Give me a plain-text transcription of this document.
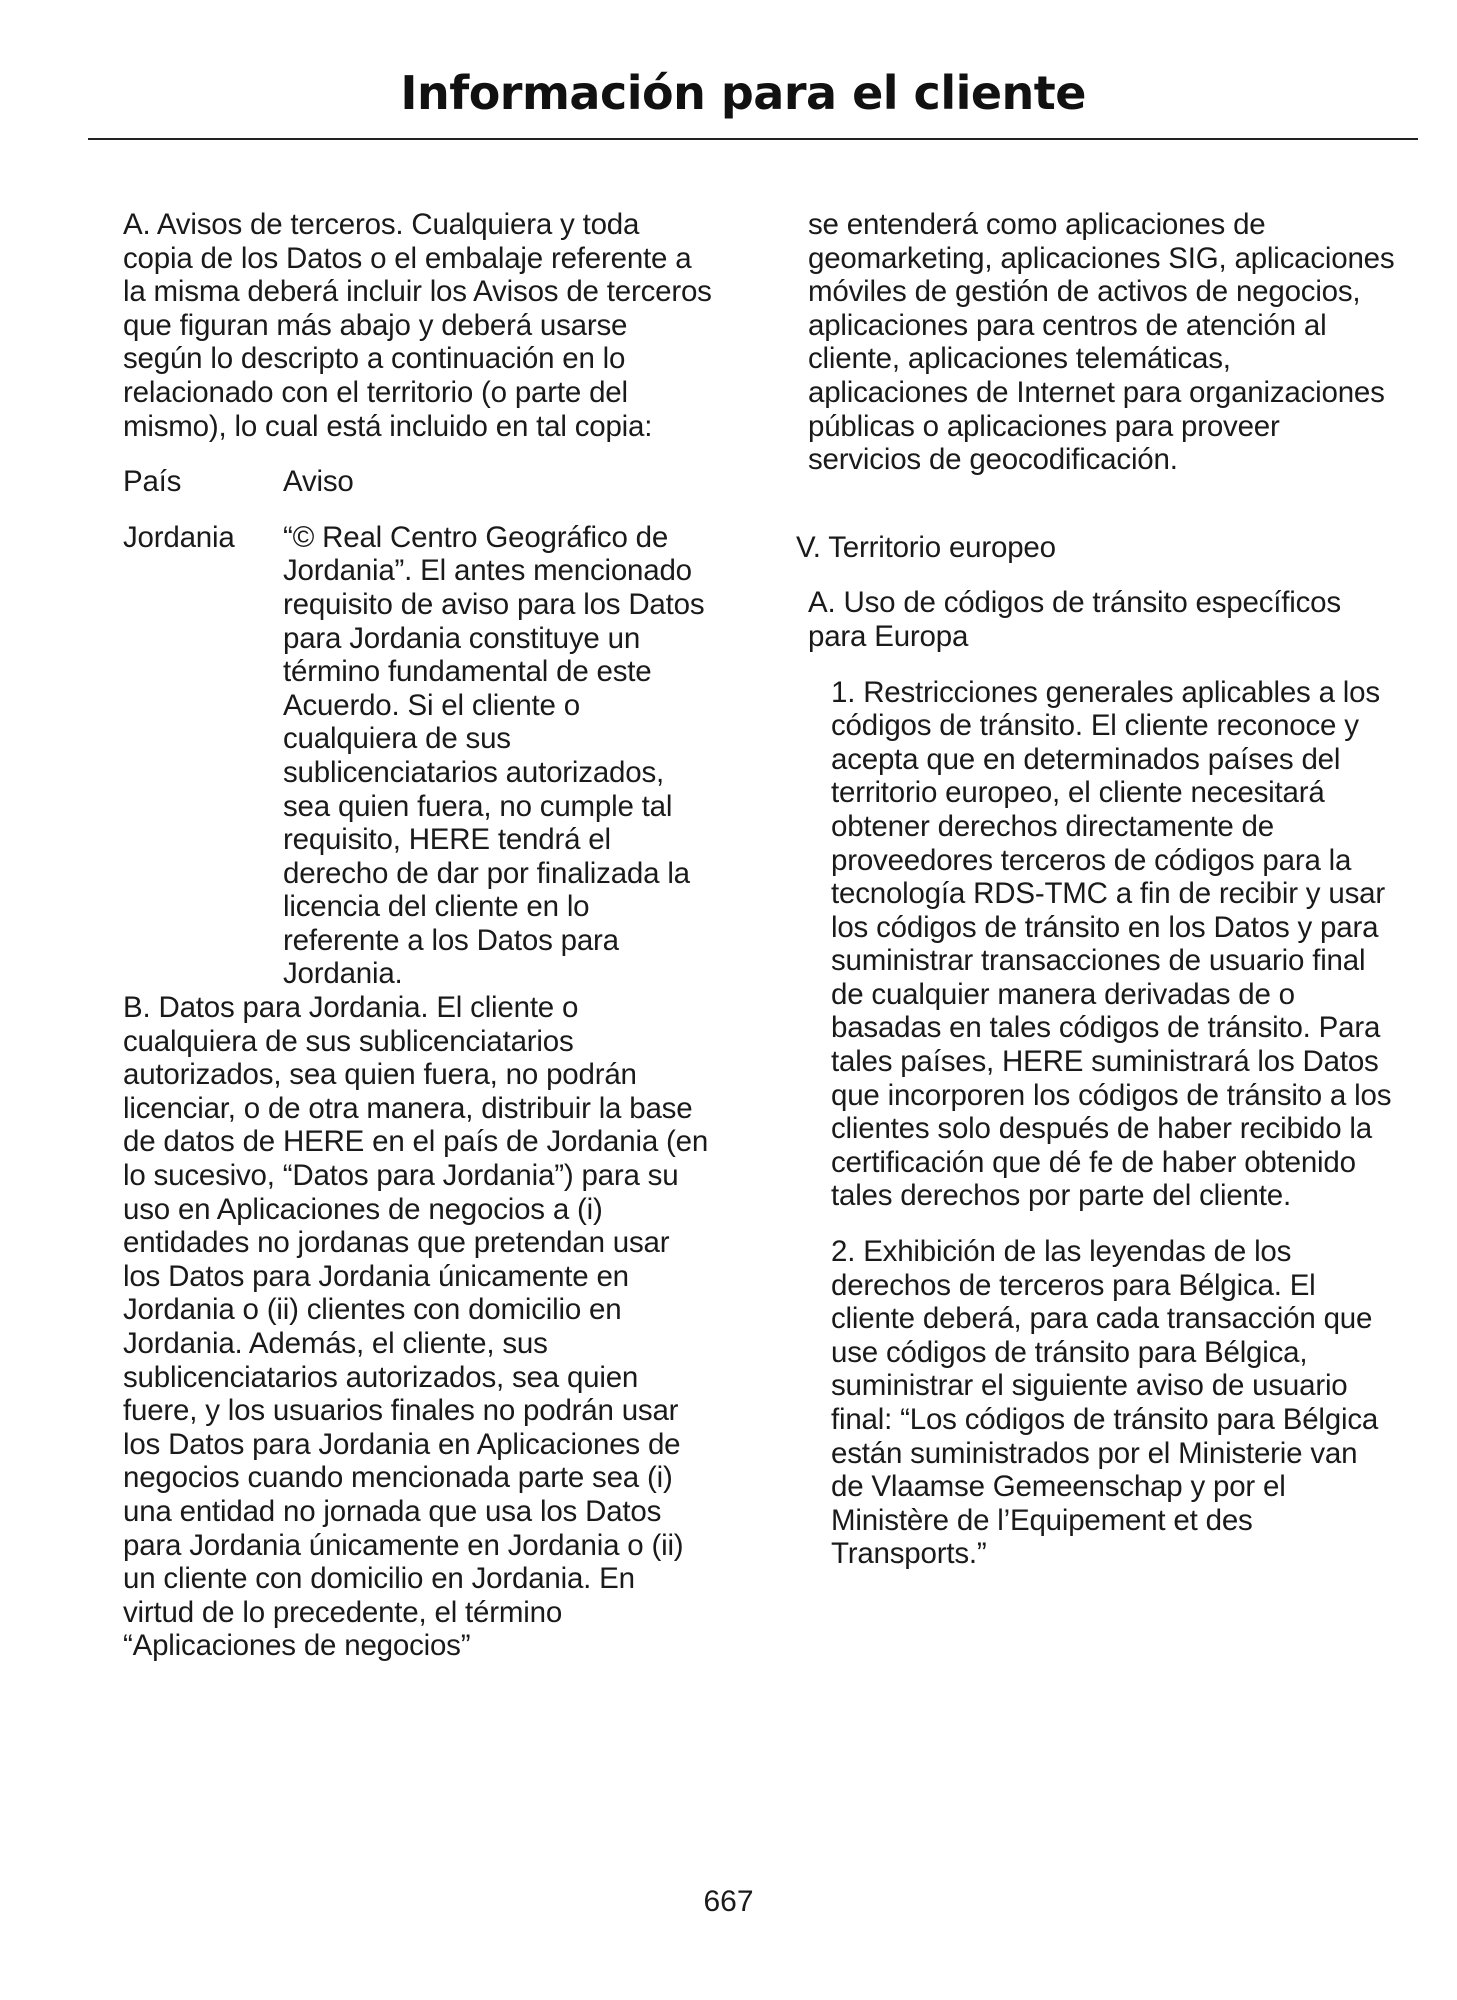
Información para el cliente

A. Avisos de terceros. Cualquiera y toda copia de los Datos o el embalaje referente a la misma deberá incluir los Avisos de terceros que figuran más abajo y deberá usarse según lo descripto a continuación en lo relacionado con el territorio (o parte del mismo), lo cual está incluido en tal copia:

País	Aviso
Jordania	“© Real Centro Geográfico de Jordania”. El antes mencionado requisito de aviso para los Datos para Jordania constituye un término fundamental de este Acuerdo. Si el cliente o cualquiera de sus sublicenciatarios autorizados, sea quien fuera, no cumple tal requisito, HERE tendrá el derecho de dar por finalizada la licencia del cliente en lo referente a los Datos para Jordania.

B. Datos para Jordania. El cliente o cualquiera de sus sublicenciatarios autorizados, sea quien fuera, no podrán licenciar, o de otra manera, distribuir la base de datos de HERE en el país de Jordania (en lo sucesivo, “Datos para Jordania”) para su uso en Aplicaciones de negocios a (i) entidades no jordanas que pretendan usar los Datos para Jordania únicamente en Jordania o (ii) clientes con domicilio en Jordania. Además, el cliente, sus sublicenciatarios autorizados, sea quien fuere, y los usuarios finales no podrán usar los Datos para Jordania en Aplicaciones de negocios cuando mencionada parte sea (i) una entidad no jornada que usa los Datos para Jordania únicamente en Jordania o (ii) un cliente con domicilio en Jordania. En virtud de lo precedente, el término “Aplicaciones de negocios”

se entenderá como aplicaciones de geomarketing, aplicaciones SIG, aplicaciones móviles de gestión de activos de negocios, aplicaciones para centros de atención al cliente, aplicaciones telemáticas, aplicaciones de Internet para organizaciones públicas o aplicaciones para proveer servicios de geocodificación.

V. Territorio europeo

A. Uso de códigos de tránsito específicos para Europa

1. Restricciones generales aplicables a los códigos de tránsito. El cliente reconoce y acepta que en determinados países del territorio europeo, el cliente necesitará obtener derechos directamente de proveedores terceros de códigos para la tecnología RDS-TMC a fin de recibir y usar los códigos de tránsito en los Datos y para suministrar transacciones de usuario final de cualquier manera derivadas de o basadas en tales códigos de tránsito. Para tales países, HERE suministrará los Datos que incorporen los códigos de tránsito a los clientes solo después de haber recibido la certificación que dé fe de haber obtenido tales derechos por parte del cliente.

2. Exhibición de las leyendas de los derechos de terceros para Bélgica. El cliente deberá, para cada transacción que use códigos de tránsito para Bélgica, suministrar el siguiente aviso de usuario final: “Los códigos de tránsito para Bélgica están suministrados por el Ministerie van de Vlaamse Gemeenschap y por el Ministère de l’Equipement et des Transports.”

667
